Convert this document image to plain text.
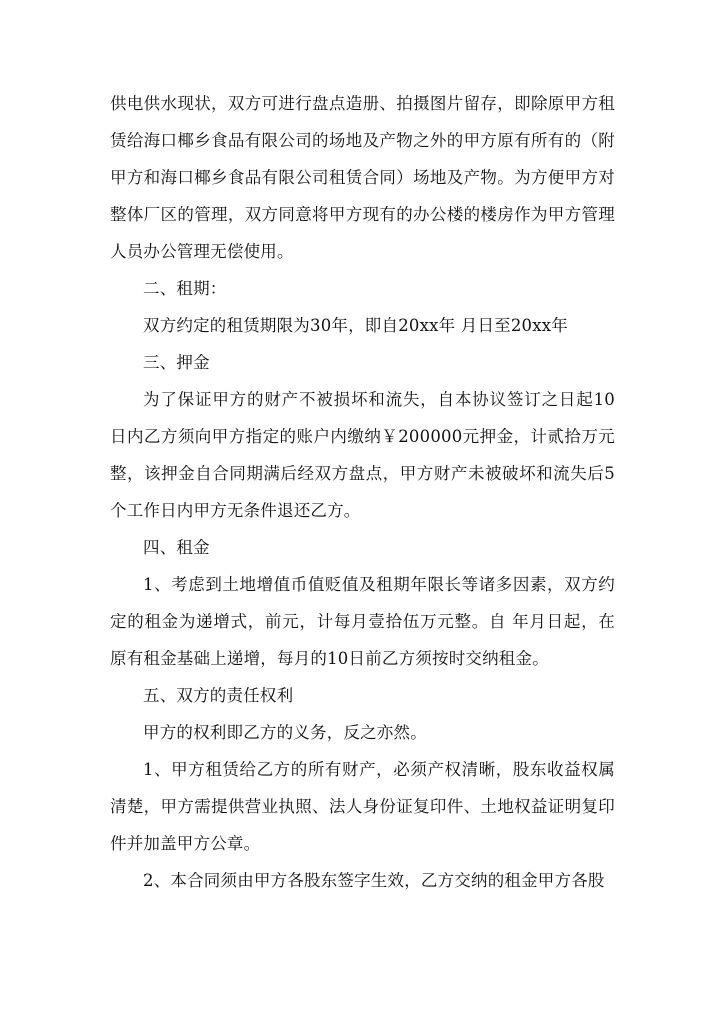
供电供水现状，双方可进行盘点造册、拍摄图片留存，即除原甲方租赁给海口椰乡食品有限公司的场地及产物之外的甲方原有所有的（附甲方和海口椰乡食品有限公司租赁合同）场地及产物。为方便甲方对整体厂区的管理，双方同意将甲方现有的办公楼的楼房作为甲方管理人员办公管理无偿使用。

二、租期：

双方约定的租赁期限为30年，即自20xx年 月日至20xx年

三、押金

为了保证甲方的财产不被损坏和流失，自本协议签订之日起10日内乙方须向甲方指定的账户内缴纳￥200000元押金，计贰拾万元整，该押金自合同期满后经双方盘点，甲方财产未被破坏和流失后5个工作日内甲方无条件退还乙方。

四、租金

1、考虑到土地增值币值贬值及租期年限长等诸多因素，双方约定的租金为递增式，前元，计每月壹拾伍万元整。自 年月日起，在原有租金基础上递增，每月的10日前乙方须按时交纳租金。

五、双方的责任权利

甲方的权利即乙方的义务，反之亦然。

1、甲方租赁给乙方的所有财产，必须产权清晰，股东收益权属清楚，甲方需提供营业执照、法人身份证复印件、土地权益证明复印件并加盖甲方公章。

2、本合同须由甲方各股东签字生效，乙方交纳的租金甲方各股
